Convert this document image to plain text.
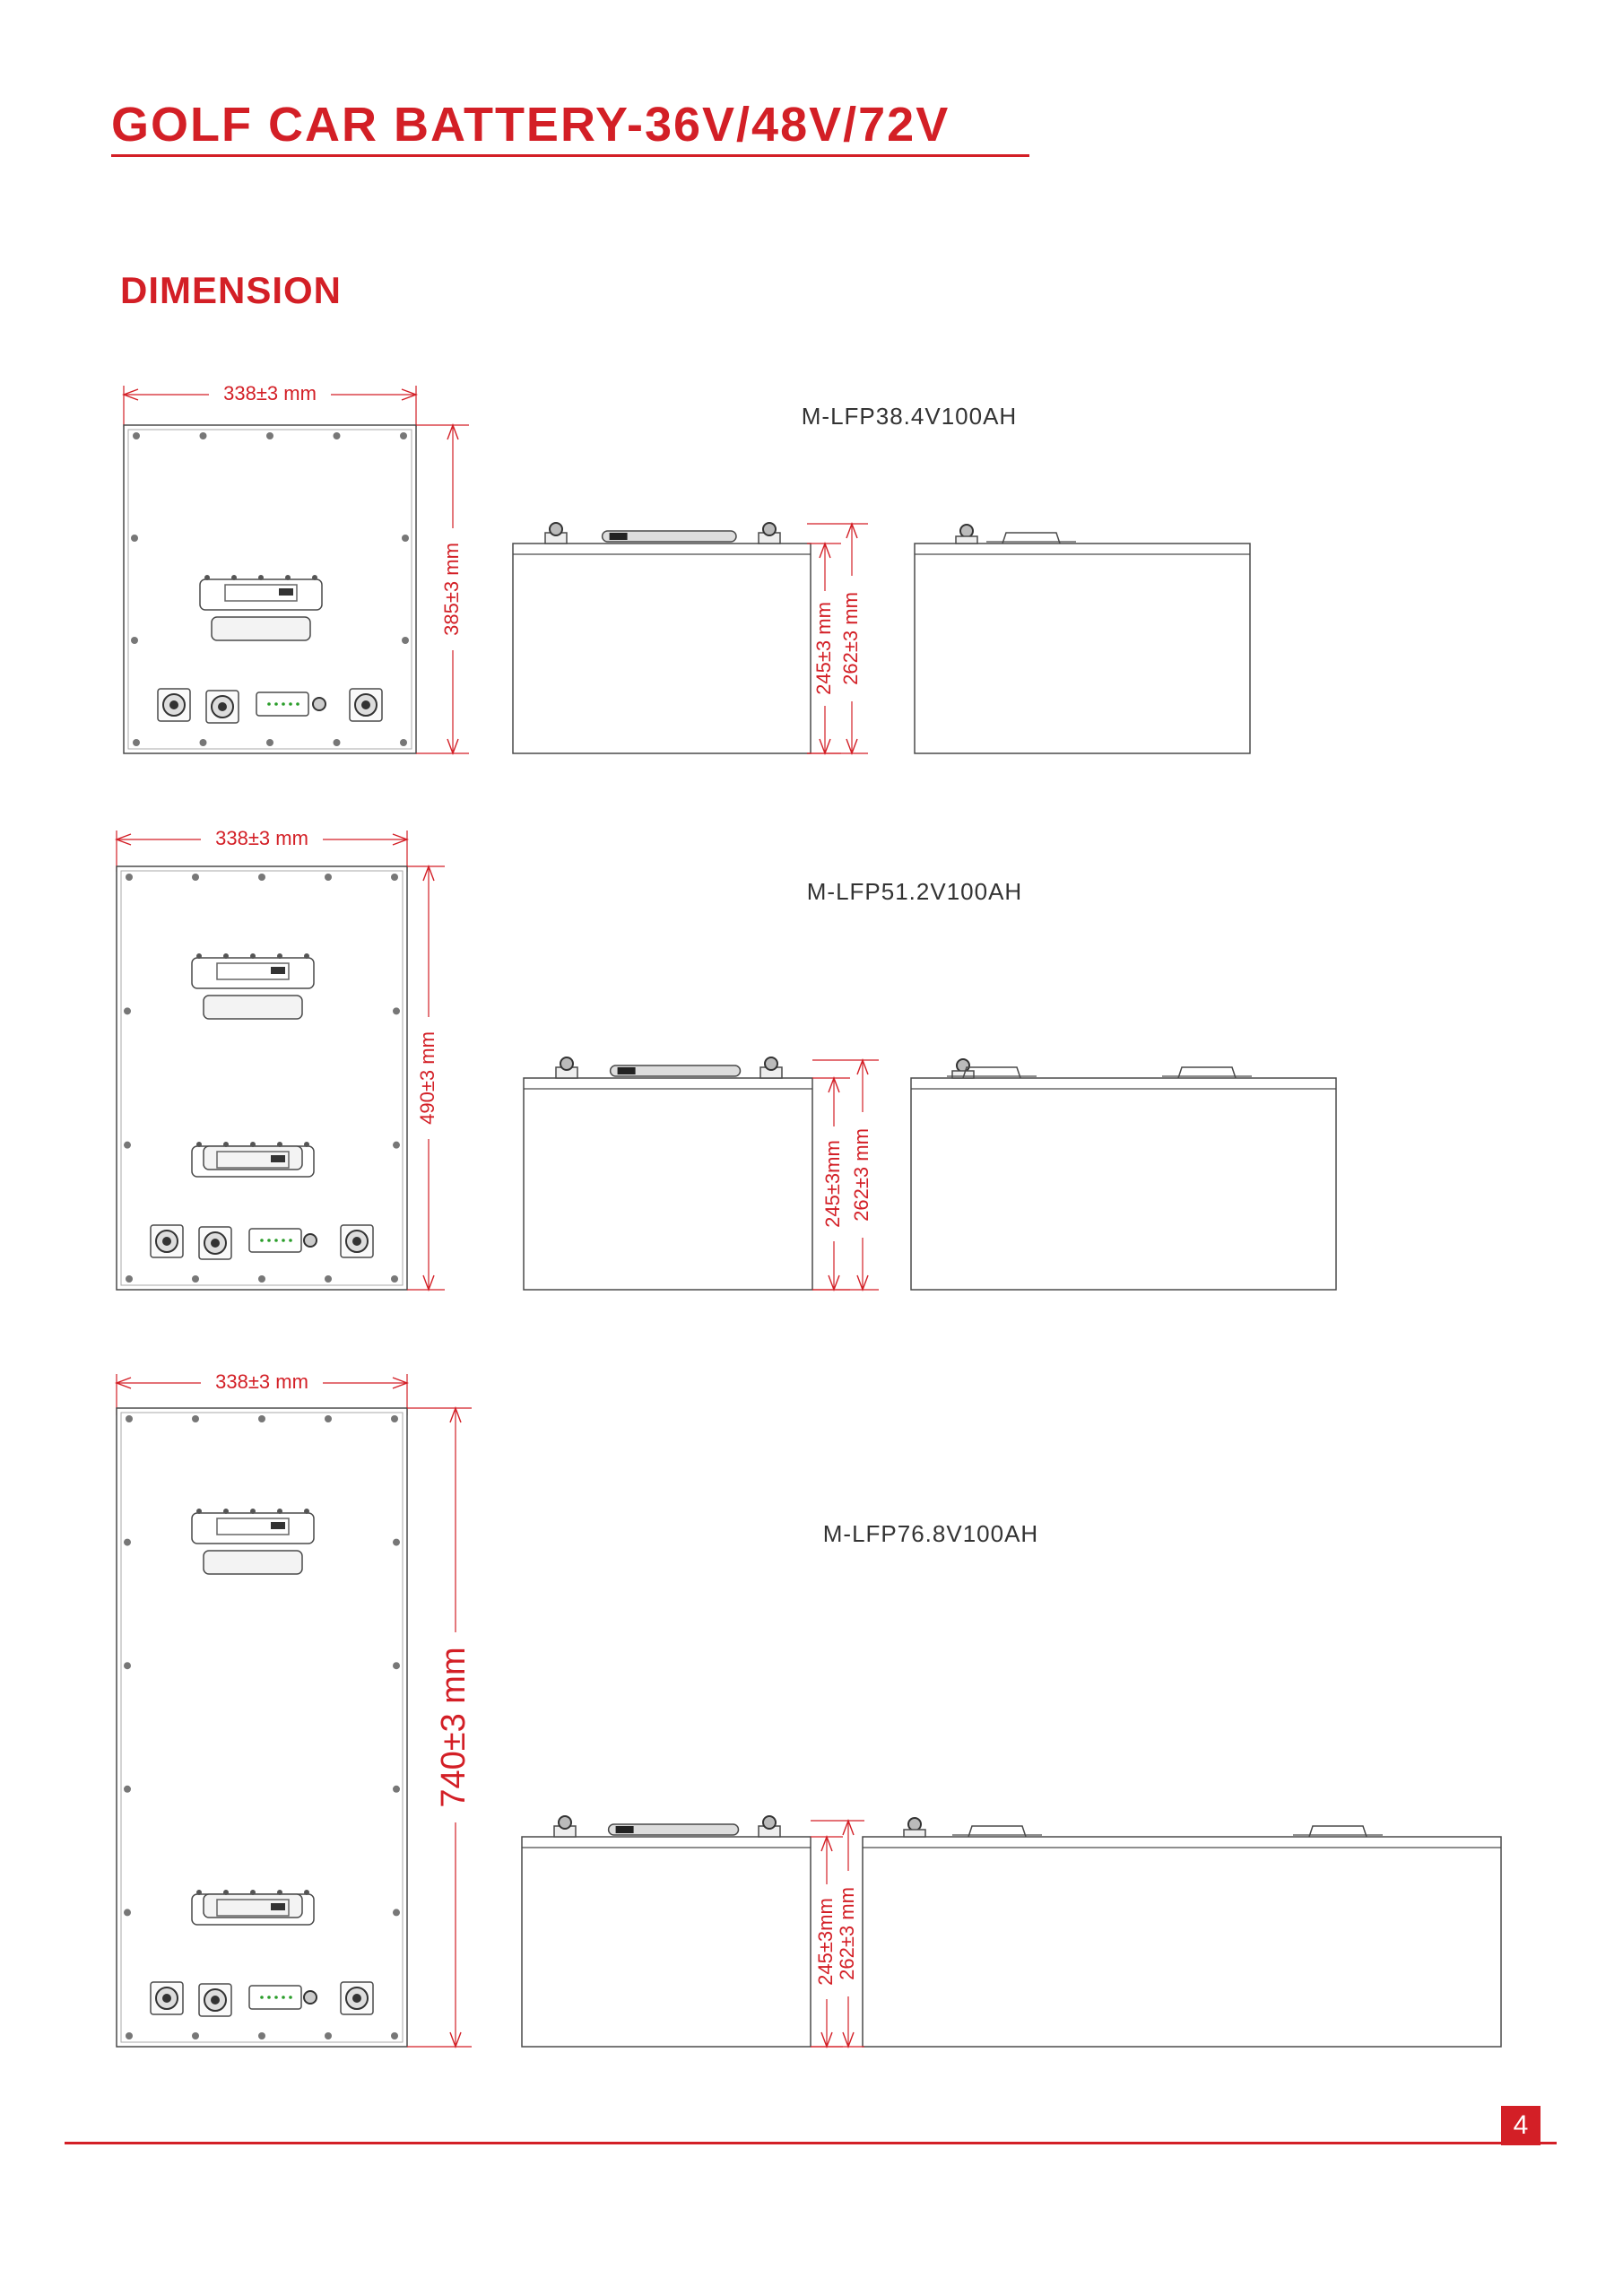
GOLF CAR BATTERY-36V/48V/72V
DIMENSION
338±3 mm
385±3 mm
M-LFP38.4V100AH
245±3 mm 262±3 mm
338±3 mm
490±3 mm
M-LFP51.2V100AH
245±3mm 262±3 mm
338±3 mm
740±3 mm
M-LFP76.8V100AH
245±3mm 262±3 mm
4
